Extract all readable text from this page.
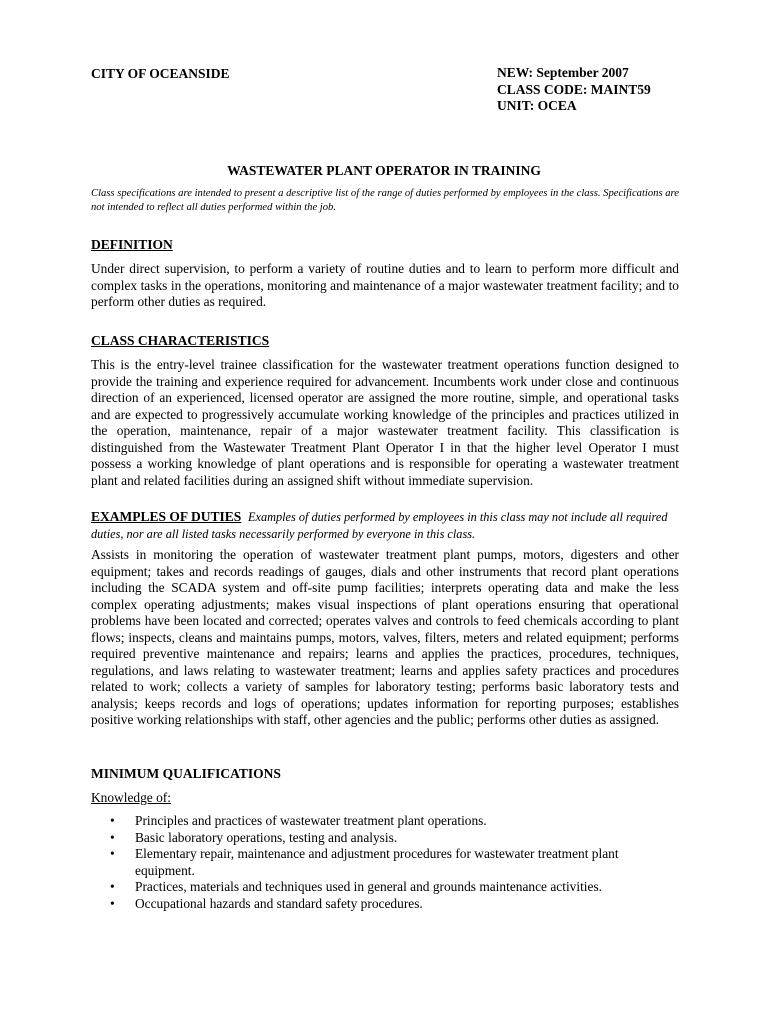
CITY OF OCEANSIDE	NEW: September 2007
CLASS CODE: MAINT59
UNIT: OCEA
WASTEWATER PLANT OPERATOR IN TRAINING
Class specifications are intended to present a descriptive list of the range of duties performed by employees in the class. Specifications are not intended to reflect all duties performed within the job.
DEFINITION
Under direct supervision, to perform a variety of routine duties and to learn to perform more difficult and complex tasks in the operations, monitoring and maintenance of a major wastewater treatment facility; and to perform other duties as required.
CLASS CHARACTERISTICS
This is the entry-level trainee classification for the wastewater treatment operations function designed to provide the training and experience required for advancement. Incumbents work under close and continuous direction of an experienced, licensed operator are assigned the more routine, simple, and operational tasks and are expected to progressively accumulate working knowledge of the principles and practices utilized in the operation, maintenance, repair of a major wastewater treatment facility. This classification is distinguished from the Wastewater Treatment Plant Operator I in that the higher level Operator I must possess a working knowledge of plant operations and is responsible for operating a wastewater treatment plant and related facilities during an assigned shift without immediate supervision.
EXAMPLES OF DUTIES Examples of duties performed by employees in this class may not include all required duties, nor are all listed tasks necessarily performed by everyone in this class.
Assists in monitoring the operation of wastewater treatment plant pumps, motors, digesters and other equipment; takes and records readings of gauges, dials and other instruments that record plant operations including the SCADA system and off-site pump facilities; interprets operating data and make the less complex operating adjustments; makes visual inspections of plant operations ensuring that operational problems have been located and corrected; operates valves and controls to feed chemicals according to plant flows; inspects, cleans and maintains pumps, motors, valves, filters, meters and related equipment; performs required preventive maintenance and repairs; learns and applies the practices, procedures, techniques, regulations, and laws relating to wastewater treatment; learns and applies safety practices and procedures related to work; collects a variety of samples for laboratory testing; performs basic laboratory tests and analysis; keeps records and logs of operations; updates information for reporting purposes; establishes positive working relationships with staff, other agencies and the public; performs other duties as assigned.
MINIMUM QUALIFICATIONS
Knowledge of:
• Principles and practices of wastewater treatment plant operations.
• Basic laboratory operations, testing and analysis.
• Elementary repair, maintenance and adjustment procedures for wastewater treatment plant equipment.
• Practices, materials and techniques used in general and grounds maintenance activities.
• Occupational hazards and standard safety procedures.
